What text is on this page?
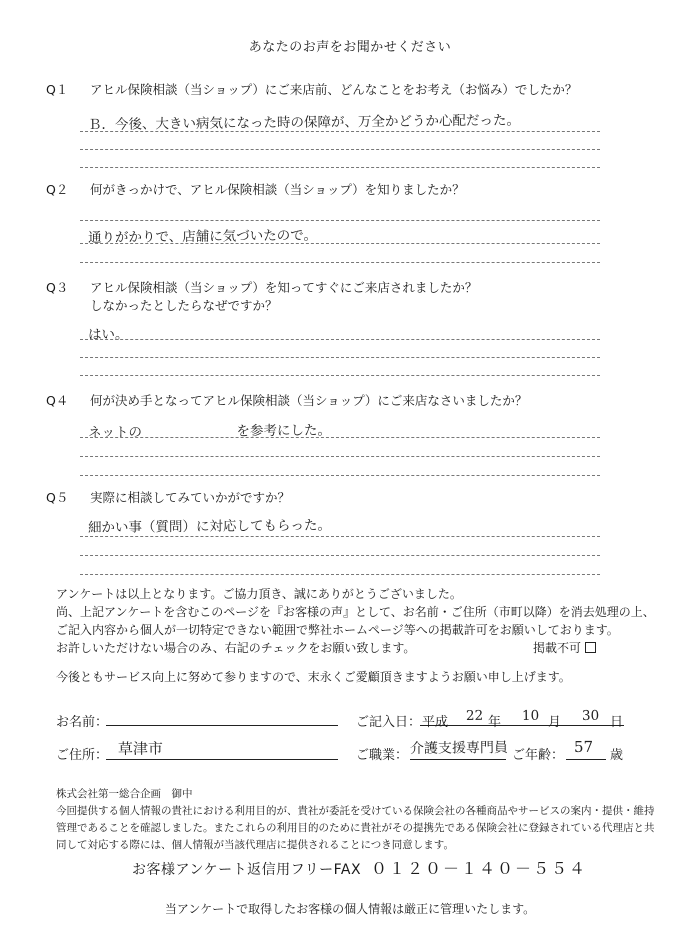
あなたのお声をお聞かせください
Q１ アヒル保険相談（当ショップ）にご来店前、どんなことをお考え（お悩み）でしたか？
Ｂ．今後、大きい病気になった時の保障が、万全かどうか心配だった。
Q２ 何がきっかけで、アヒル保険相談（当ショップ）を知りましたか？
通りがかりで、店舗に気づいたので。
Q３ アヒル保険相談（当ショップ）を知ってすぐにご来店されましたか？
しなかったとしたらなぜですか？
はい。
Q４ 何が決め手となってアヒル保険相談（当ショップ）にご来店なさいましたか？
ネットの　　　　　　　を参考にした。
Q５ 実際に相談してみていかがですか？
細かい事（質問）に対応してもらった。
アンケートは以上となります。ご協力頂き、誠にありがとうございました。
尚、上記アンケートを含むこのページを『お客様の声』として、お名前・ご住所（市町以降）を消去処理の上、
ご記入内容から個人が一切特定できない範囲で弊社ホームページ等への掲載許可をお願いしております。
お許しいただけない場合のみ、右記のチェックをお願い致します。	掲載不可
今後ともサービス向上に努めて参りますので、末永くご愛顧頂きますようお願い申し上げます。
お名前：	ご記入日： 平成 22 年 10 月 30 日
ご住所： 草津市	ご職業： 介護支援専門員 ご年齢： 57 歳
株式会社第一総合企画　御中
今回提供する個人情報の貴社における利用目的が、貴社が委託を受けている保険会社の各種商品やサービスの案内・提供・維持
管理であることを確認しました。またこれらの利用目的のために貴社がその提携先である保険会社に登録されている代理店と共
同して対応する際には、個人情報が当該代理店に提供されることにつき同意します。
お客様アンケート返信用フリーFAX ０１２０－１４０－５５４
当アンケートで取得したお客様の個人情報は厳正に管理いたします。
